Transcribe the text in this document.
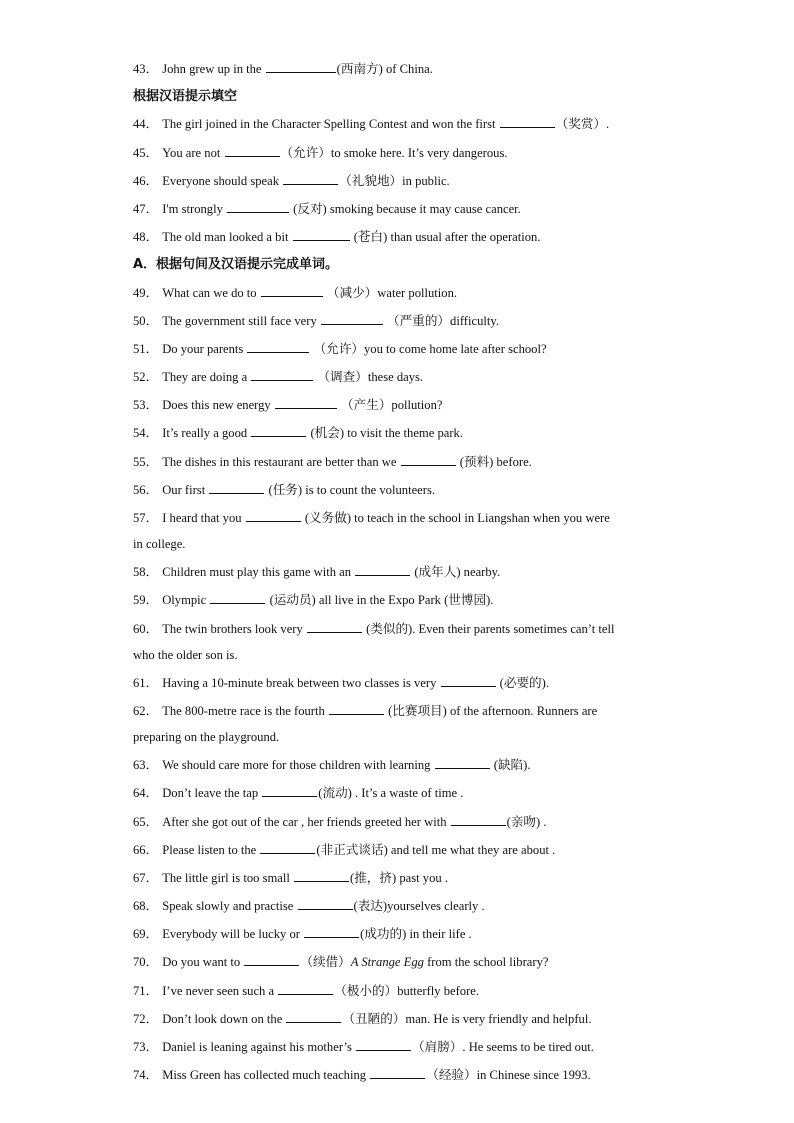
43． John grew up in the	(西南方) of China.

根据汉语提示填空

44． The girl joined in the Character Spelling Contest and won the first	（奖赏）.

45． You are not	（允许）to smoke here. It’s very dangerous.

46． Everyone should speak	（礼貌地）in public.

47． I'm strongly	(反对) smoking because it may cause cancer.

48． The old man looked a bit	(苍白) than usual after the operation.

A．根据句间及汉语提示完成单词。

49． What can we do to	（减少）water pollution.

50． The government still face very	（严重的）difficulty.

51． Do your parents	（允许）you to come home late after school?

52． They are doing a	（调查）these days.

53． Does this new energy	（产生）pollution?

54． It’s really a good	(机会) to visit the theme park.

55． The dishes in this restaurant are better than we	(预料) before.

56． Our first	(任务) is to count the volunteers.

57． I heard that you	(义务做) to teach in the school in Liangshan when you were

in college.

58． Children must play this game with an	(成年人) nearby.

59． Olympic	(运动员) all live in the Expo Park (世博园).

60． The twin brothers look very	(类似的). Even their parents sometimes can’t tell

who the older son is.

61． Having a 10-minute break between two classes is very	(必要的).

62． The 800-metre race is the fourth	(比赛项目) of the afternoon. Runners are

preparing on the playground.

63． We should care more for those children with learning	(缺陷).

64． Don’t leave the tap	(流动) . It’s a waste of time .

65． After she got out of the car , her friends greeted her with	(亲吻) .

66． Please listen to the	(非正式谈话) and tell me what they are about .

67． The little girl is too small	(推，挤) past you .

68． Speak slowly and practise	(表达)yourselves clearly .

69． Everybody will be lucky or	(成功的) in their life .

70． Do you want to	（续借）A Strange Egg from the school library?

71． I’ve never seen such a	（极小的）butterfly before.

72． Don’t look down on the	（丑陋的）man. He is very friendly and helpful.

73． Daniel is leaning against his mother’s	（肩膀）. He seems to be tired out.

74． Miss Green has collected much teaching	（经验）in Chinese since 1993.
